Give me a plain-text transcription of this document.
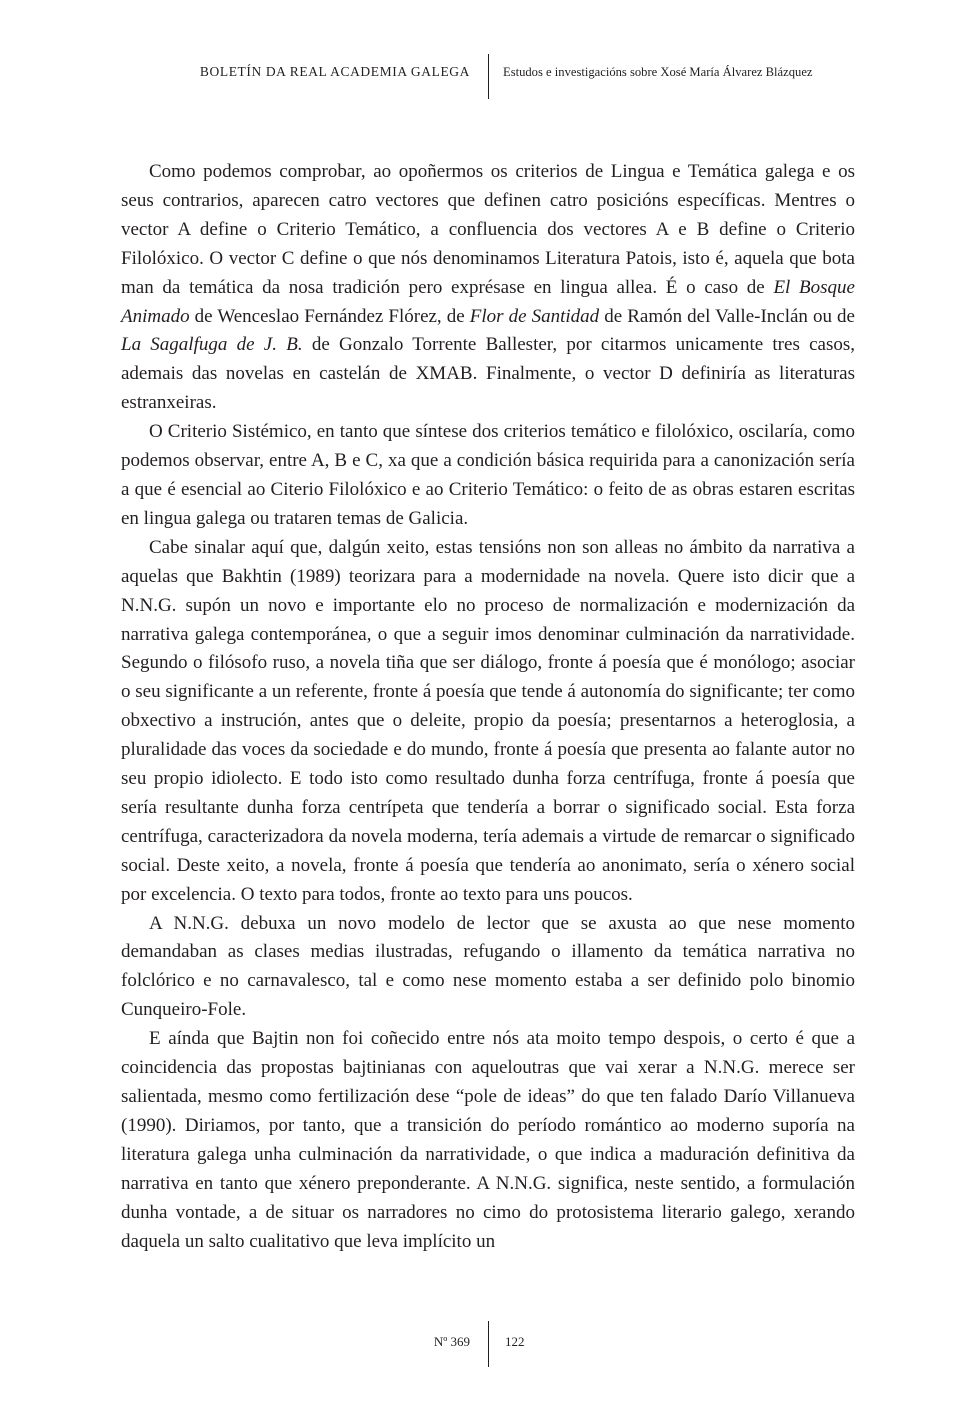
BOLETÍN DA REAL ACADEMIA GALEGA	Estudos e investigacións sobre Xosé María Álvarez Blázquez

Como podemos comprobar, ao opoñermos os criterios de Lingua e Temática galega e os seus contrarios, aparecen catro vectores que definen catro posicións específicas. Mentres o vector A define o Criterio Temático, a confluencia dos vectores A e B define o Criterio Filolóxico. O vector C define o que nós denominamos Literatura Patois, isto é, aquela que bota man da temática da nosa tradición pero exprésase en lingua allea. É o caso de El Bosque Animado de Wenceslao Fernández Flórez, de Flor de Santidad de Ramón del Valle-Inclán ou de La Sagalfuga de J. B. de Gonzalo Torrente Ballester, por citarmos unicamente tres casos, ademais das novelas en castelán de XMAB. Finalmente, o vector D definiría as literaturas estranxeiras.

O Criterio Sistémico, en tanto que síntese dos criterios temático e filolóxico, oscilaría, como podemos observar, entre A, B e C, xa que a condición básica requirida para a canonización sería a que é esencial ao Citerio Filolóxico e ao Criterio Temático: o feito de as obras estaren escritas en lingua galega ou trataren temas de Galicia.

Cabe sinalar aquí que, dalgún xeito, estas tensións non son alleas no ámbito da narrativa a aquelas que Bakhtin (1989) teorizara para a modernidade na novela. Quere isto dicir que a N.N.G. supón un novo e importante elo no proceso de normalización e modernización da narrativa galega contemporánea, o que a seguir imos denominar culminación da narratividade. Segundo o filósofo ruso, a novela tiña que ser diálogo, fronte á poesía que é monólogo; asociar o seu significante a un referente, fronte á poesía que tende á autonomía do significante; ter como obxectivo a instrución, antes que o deleite, propio da poesía; presentarnos a heteroglosia, a pluralidade das voces da sociedade e do mundo, fronte á poesía que presenta ao falante autor no seu propio idiolecto. E todo isto como resultado dunha forza centrífuga, fronte á poesía que sería resultante dunha forza centrípeta que tendería a borrar o significado social. Esta forza centrífuga, caracterizadora da novela moderna, tería ademais a virtude de remarcar o significado social. Deste xeito, a novela, fronte á poesía que tendería ao anonimato, sería o xénero social por excelencia. O texto para todos, fronte ao texto para uns poucos.

A N.N.G. debuxa un novo modelo de lector que se axusta ao que nese momento demandaban as clases medias ilustradas, refugando o illamento da temática narrativa no folclórico e no carnavalesco, tal e como nese momento estaba a ser definido polo binomio Cunqueiro-Fole.

E aínda que Bajtin non foi coñecido entre nós ata moito tempo despois, o certo é que a coincidencia das propostas bajtinianas con aqueloutras que vai xerar a N.N.G. merece ser salientada, mesmo como fertilización dese “pole de ideas” do que ten falado Darío Villanueva (1990). Diriamos, por tanto, que a transición do período romántico ao moderno suporía na literatura galega unha culminación da narratividade, o que indica a maduración definitiva da narrativa en tanto que xénero preponderante. A N.N.G. significa, neste sentido, a formulación dunha vontade, a de situar os narradores no cimo do protosistema literario galego, xerando daquela un salto cualitativo que leva implícito un

Nº 369	122
